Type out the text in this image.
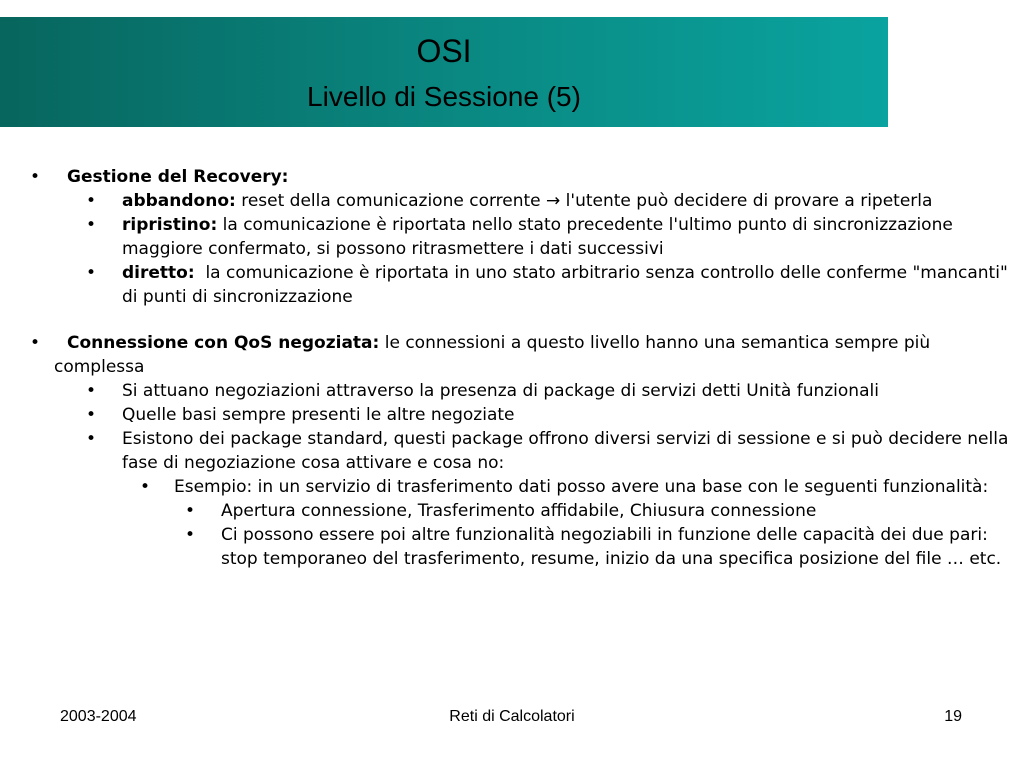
OSI
Livello di Sessione (5)
• Gestione del Recovery:
• abbandono: reset della comunicazione corrente → l'utente può decidere di provare a ripeterla
• ripristino: la comunicazione è riportata nello stato precedente l'ultimo punto di sincronizzazione maggiore confermato, si possono ritrasmettere i dati successivi
• diretto:  la comunicazione è riportata in uno stato arbitrario senza controllo delle conferme "mancanti" di punti di sincronizzazione
• Connessione con QoS negoziata: le connessioni a questo livello hanno una semantica sempre più complessa
• Si attuano negoziazioni attraverso la presenza di package di servizi detti Unità funzionali
• Quelle basi sempre presenti le altre negoziate
• Esistono dei package standard, questi package offrono diversi servizi di sessione e si può decidere nella fase di negoziazione cosa attivare e cosa no:
• Esempio: in un servizio di trasferimento dati posso avere una base con le seguenti funzionalità:
• Apertura connessione, Trasferimento affidabile, Chiusura connessione
• Ci possono essere poi altre funzionalità negoziabili in funzione delle capacità dei due pari: stop temporaneo del trasferimento, resume, inizio da una specifica posizione del file … etc.
2003-2004	Reti di Calcolatori	19
